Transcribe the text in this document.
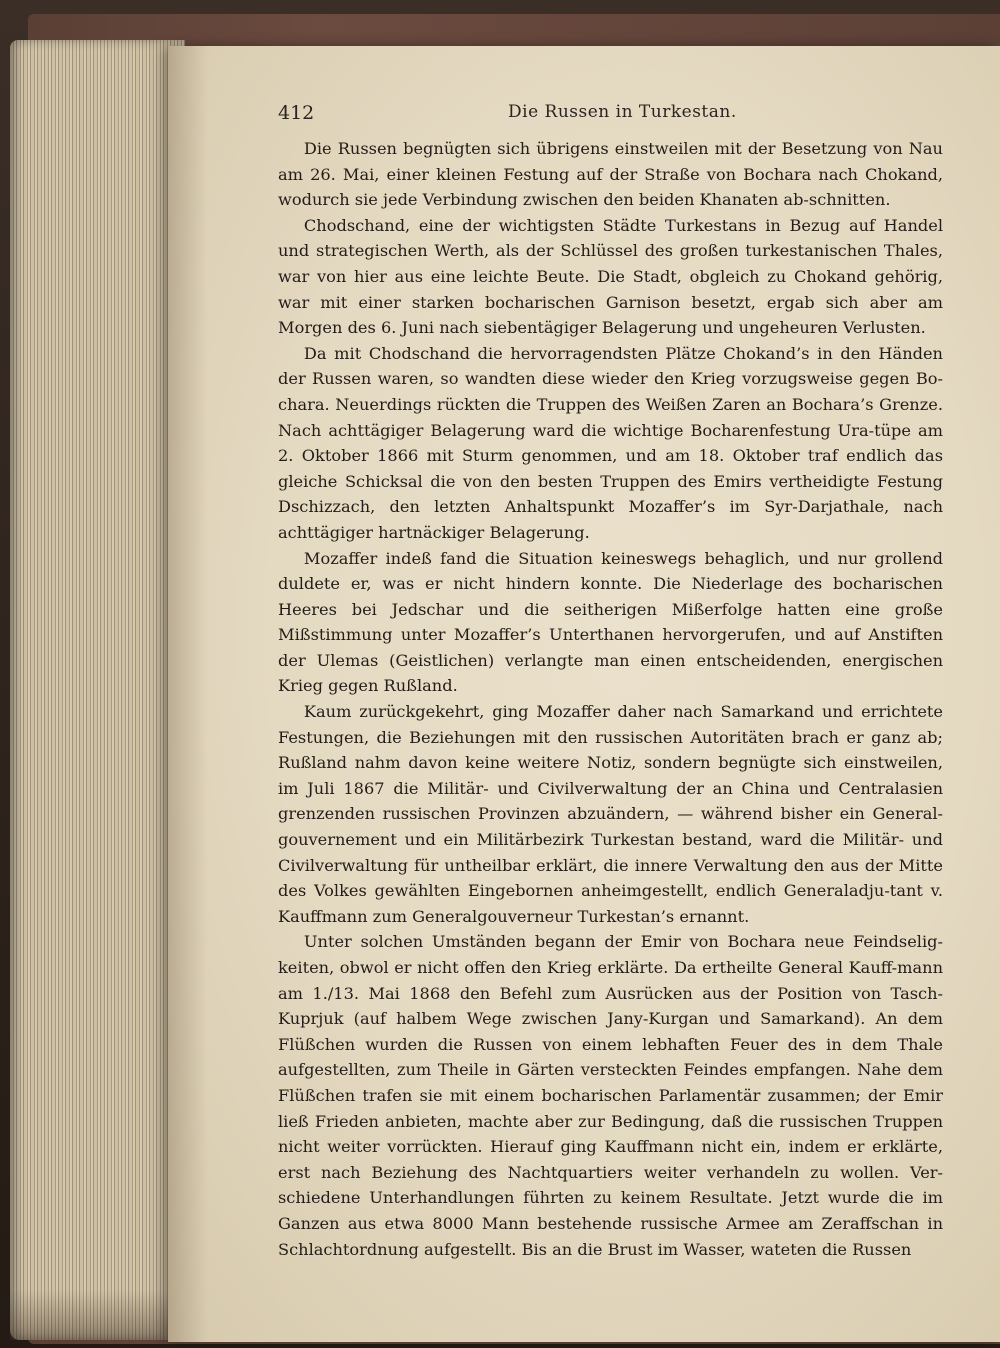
412	Die Russen in Turkestan.

Die Russen begnügten sich übrigens einstweilen mit der Besetzung von Nau am 26. Mai, einer kleinen Festung auf der Straße von Bochara nach Chokand, wodurch sie jede Verbindung zwischen den beiden Khanaten ab-schnitten.

Chodschand, eine der wichtigsten Städte Turkestans in Bezug auf Handel und strategischen Werth, als der Schlüssel des großen turkestanischen Thales, war von hier aus eine leichte Beute. Die Stadt, obgleich zu Chokand gehörig, war mit einer starken bocharischen Garnison besetzt, ergab sich aber am Morgen des 6. Juni nach siebentägiger Belagerung und ungeheuren Verlusten.

Da mit Chodschand die hervorragendsten Plätze Chokand’s in den Händen der Russen waren, so wandten diese wieder den Krieg vorzugsweise gegen Bo-chara. Neuerdings rückten die Truppen des Weißen Zaren an Bochara’s Grenze. Nach achttägiger Belagerung ward die wichtige Bocharenfestung Ura-tüpe am 2. Oktober 1866 mit Sturm genommen, und am 18. Oktober traf endlich das gleiche Schicksal die von den besten Truppen des Emirs vertheidigte Festung Dschizzach, den letzten Anhaltspunkt Mozaffer’s im Syr-Darjathale, nach achttägiger hartnäckiger Belagerung.

Mozaffer indeß fand die Situation keineswegs behaglich, und nur grollend duldete er, was er nicht hindern konnte. Die Niederlage des bocharischen Heeres bei Jedschar und die seitherigen Mißerfolge hatten eine große Mißstimmung unter Mozaffer’s Unterthanen hervorgerufen, und auf Anstiften der Ulemas (Geistlichen) verlangte man einen entscheidenden, energischen Krieg gegen Rußland.

Kaum zurückgekehrt, ging Mozaffer daher nach Samarkand und errichtete Festungen, die Beziehungen mit den russischen Autoritäten brach er ganz ab; Rußland nahm davon keine weitere Notiz, sondern begnügte sich einstweilen, im Juli 1867 die Militär- und Civilverwaltung der an China und Centralasien grenzenden russischen Provinzen abzuändern, — während bisher ein General-gouvernement und ein Militärbezirk Turkestan bestand, ward die Militär- und Civilverwaltung für untheilbar erklärt, die innere Verwaltung den aus der Mitte des Volkes gewählten Eingebornen anheimgestellt, endlich Generaladju-tant v. Kauffmann zum Generalgouverneur Turkestan’s ernannt.

Unter solchen Umständen begann der Emir von Bochara neue Feindselig-keiten, obwol er nicht offen den Krieg erklärte. Da ertheilte General Kauff-mann am 1./13. Mai 1868 den Befehl zum Ausrücken aus der Position von Tasch-Kuprjuk (auf halbem Wege zwischen Jany-Kurgan und Samarkand). An dem Flüßchen wurden die Russen von einem lebhaften Feuer des in dem Thale aufgestellten, zum Theile in Gärten versteckten Feindes empfangen. Nahe dem Flüßchen trafen sie mit einem bocharischen Parlamentär zusammen; der Emir ließ Frieden anbieten, machte aber zur Bedingung, daß die russischen Truppen nicht weiter vorrückten. Hierauf ging Kauffmann nicht ein, indem er erklärte, erst nach Beziehung des Nachtquartiers weiter verhandeln zu wollen. Ver-schiedene Unterhandlungen führten zu keinem Resultate. Jetzt wurde die im Ganzen aus etwa 8000 Mann bestehende russische Armee am Zeraffschan in Schlachtordnung aufgestellt. Bis an die Brust im Wasser, wateten die Russen
